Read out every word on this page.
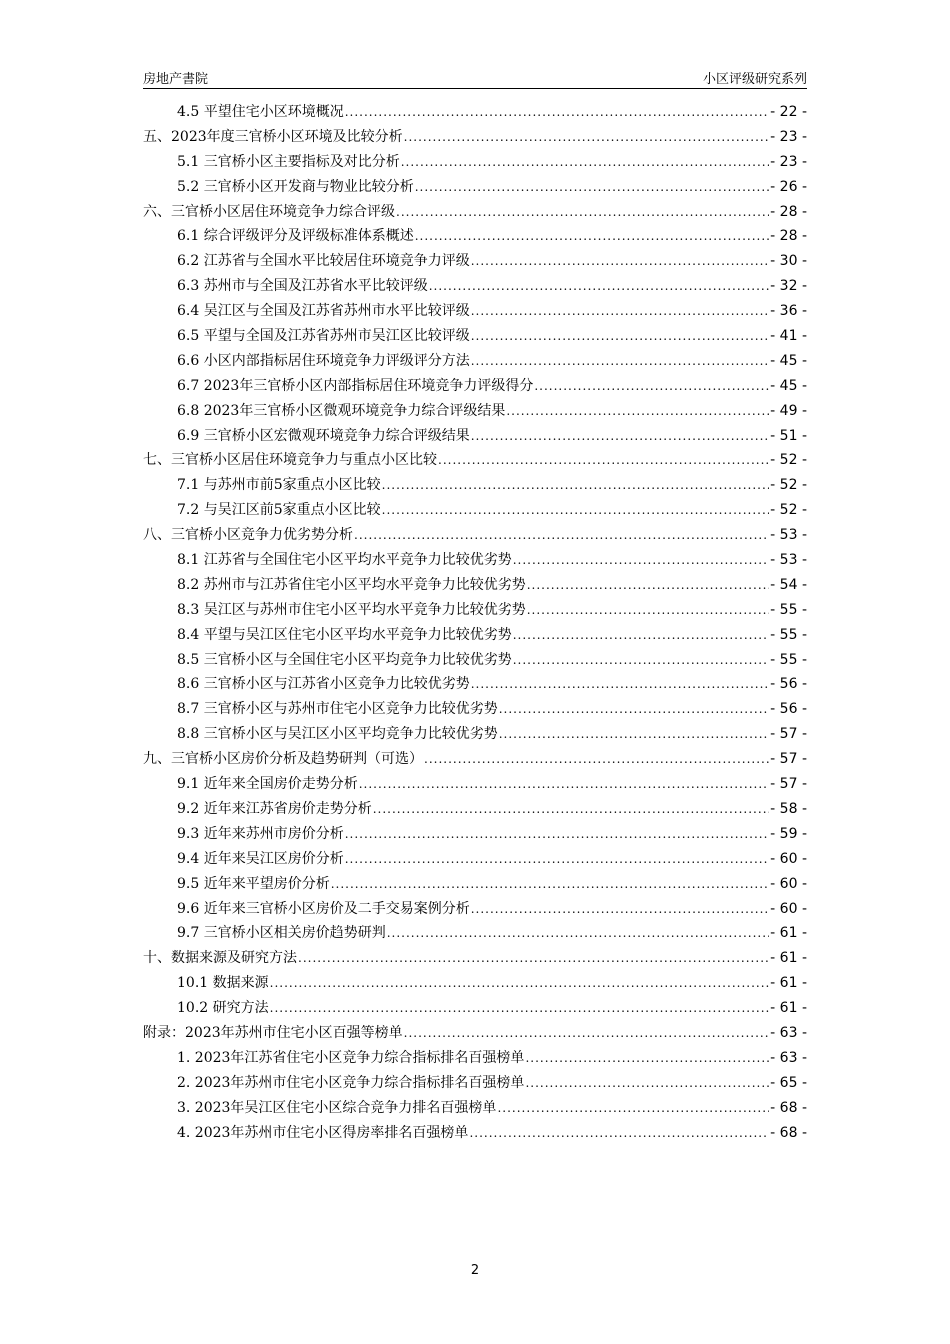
房地产書院	小区评级研究系列
4.5 平望住宅小区环境概况 .....	- 22 -
五、2023年度三官桥小区环境及比较分析 .....	- 23 -
5.1 三官桥小区主要指标及对比分析 .....	- 23 -
5.2 三官桥小区开发商与物业比较分析 .....	- 26 -
六、三官桥小区居住环境竞争力综合评级 .....	- 28 -
6.1 综合评级评分及评级标准体系概述 .....	- 28 -
6.2 江苏省与全国水平比较居住环境竞争力评级 .....	- 30 -
6.3 苏州市与全国及江苏省水平比较评级 .....	- 32 -
6.4 吴江区与全国及江苏省苏州市水平比较评级 .....	- 36 -
6.5 平望与全国及江苏省苏州市吴江区比较评级 .....	- 41 -
6.6 小区内部指标居住环境竞争力评级评分方法 .....	- 45 -
6.7 2023年三官桥小区内部指标居住环境竞争力评级得分 .....	- 45 -
6.8 2023年三官桥小区微观环境竞争力综合评级结果 .....	- 49 -
6.9 三官桥小区宏微观环境竞争力综合评级结果 .....	- 51 -
七、三官桥小区居住环境竞争力与重点小区比较 .....	- 52 -
7.1 与苏州市前5家重点小区比较 .....	- 52 -
7.2 与吴江区前5家重点小区比较 .....	- 52 -
八、三官桥小区竞争力优劣势分析 .....	- 53 -
8.1 江苏省与全国住宅小区平均水平竞争力比较优劣势 .....	- 53 -
8.2 苏州市与江苏省住宅小区平均水平竞争力比较优劣势 .....	- 54 -
8.3 吴江区与苏州市住宅小区平均水平竞争力比较优劣势 .....	- 55 -
8.4 平望与吴江区住宅小区平均水平竞争力比较优劣势 .....	- 55 -
8.5 三官桥小区与全国住宅小区平均竞争力比较优劣势 .....	- 55 -
8.6 三官桥小区与江苏省小区竞争力比较优劣势 .....	- 56 -
8.7 三官桥小区与苏州市住宅小区竞争力比较优劣势 .....	- 56 -
8.8 三官桥小区与吴江区小区平均竞争力比较优劣势 .....	- 57 -
九、三官桥小区房价分析及趋势研判（可选） .....	- 57 -
9.1 近年来全国房价走势分析 .....	- 57 -
9.2 近年来江苏省房价走势分析 .....	- 58 -
9.3 近年来苏州市房价分析 .....	- 59 -
9.4 近年来吴江区房价分析 .....	- 60 -
9.5 近年来平望房价分析 .....	- 60 -
9.6 近年来三官桥小区房价及二手交易案例分析 .....	- 60 -
9.7 三官桥小区相关房价趋势研判 .....	- 61 -
十、数据来源及研究方法 .....	- 61 -
10.1 数据来源 .....	- 61 -
10.2 研究方法 .....	- 61 -
附录：2023年苏州市住宅小区百强等榜单 .....	- 63 -
1. 2023年江苏省住宅小区竞争力综合指标排名百强榜单 .....	- 63 -
2. 2023年苏州市住宅小区竞争力综合指标排名百强榜单 .....	- 65 -
3. 2023年吴江区住宅小区综合竞争力排名百强榜单 .....	- 68 -
4. 2023年苏州市住宅小区得房率排名百强榜单 .....	- 68 -
2
